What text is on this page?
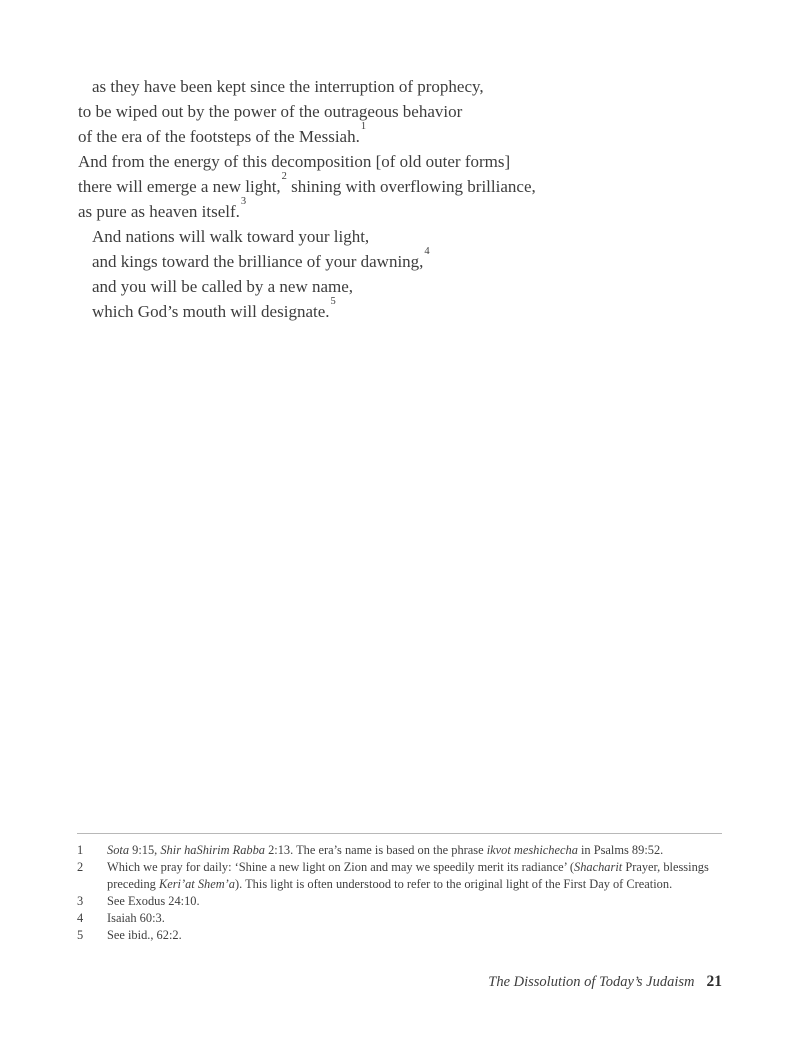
as they have been kept since the interruption of prophecy,
to be wiped out by the power of the outrageous behavior
of the era of the footsteps of the Messiah.$^1$
And from the energy of this decomposition [of old outer forms]
there will emerge a new light,$^2$ shining with overflowing brilliance,
as pure as heaven itself.$^3$
And nations will walk toward your light,
and kings toward the brilliance of your dawning,$^4$
and you will be called by a new name,
which God’s mouth will designate.$^5$
1	Sota 9:15, Shir haShirim Rabba 2:13. The era’s name is based on the phrase ikvot meshichecha in Psalms 89:52.
2	Which we pray for daily: ‘Shine a new light on Zion and may we speedily merit its radiance’ (Shacharit Prayer, blessings preceding Keri’at Shem’a). This light is often understood to refer to the original light of the First Day of Creation.
3	See Exodus 24:10.
4	Isaiah 60:3.
5	See ibid., 62:2.
The Dissolution of Today’s Judaism 21
